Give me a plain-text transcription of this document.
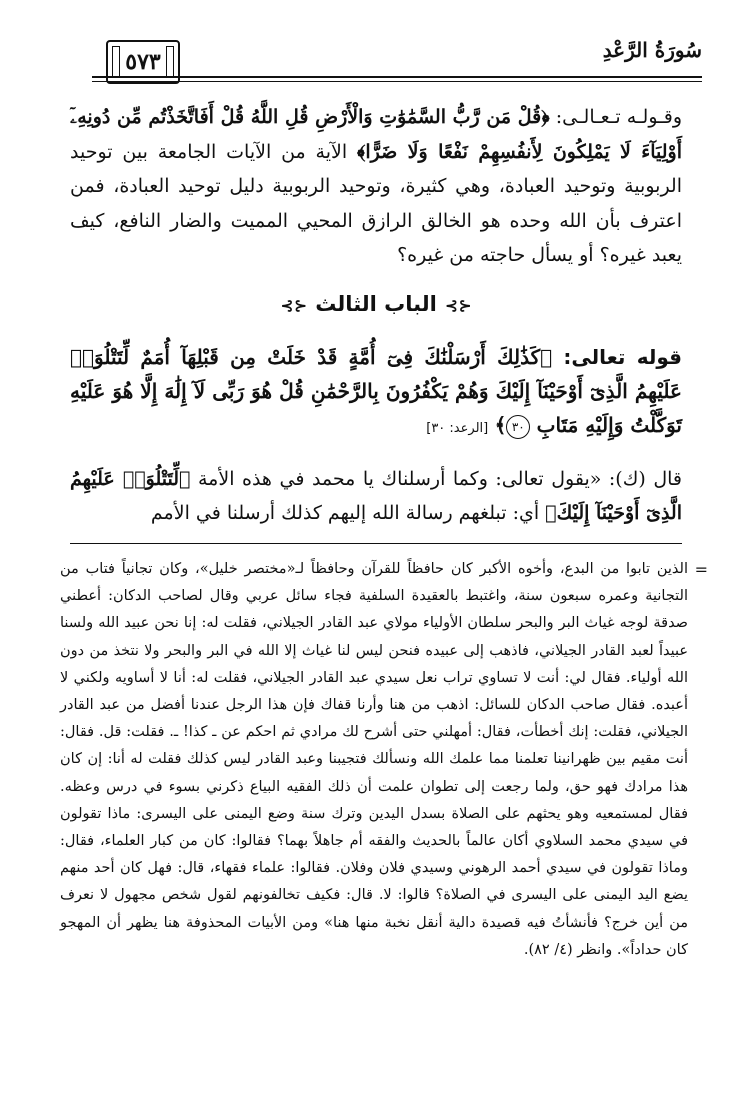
سُورَةُ الرَّعْدِ
٥٧٣
وقـولـه تـعـالـى: ﴿قُلْ مَن رَّبُّ السَّمَٰوَٰتِ وَالْأَرْضِ قُلِ اللَّهُ قُلْ أَفَاتَّخَذْتُم مِّن دُونِهِۦٓ أَوْلِيَآءَ لَا يَمْلِكُونَ لِأَنفُسِهِمْ نَفْعًا وَلَا ضَرًّا﴾ الآية من الآيات الجامعة بين توحيد الربوبية وتوحيد العبادة، وهي كثيرة، وتوحيد الربوبية دليل توحيد العبادة، فمن اعترف بأن الله وحده هو الخالق الرازق المحيي المميت والضار النافع، كيف يعبد غيره؟ أو يسأل حاجته من غيره؟
⊰⊱الباب الثالث⊰⊱
قوله تعالى: ﴿كَذَٰلِكَ أَرْسَلْنَٰكَ فِىٓ أُمَّةٍ قَدْ خَلَتْ مِن قَبْلِهَآ أُمَمٌ لِّتَتْلُوَا۟ عَلَيْهِمُ الَّذِىٓ أَوْحَيْنَآ إِلَيْكَ وَهُمْ يَكْفُرُونَ بِالرَّحْمَٰنِ قُلْ هُوَ رَبِّى لَآ إِلَٰهَ إِلَّا هُوَ عَلَيْهِ تَوَكَّلْتُ وَإِلَيْهِ مَتَابِ ٣٠﴾ [الرعد: ٣٠]
قال (ك): «يقول تعالى: وكما أرسلناك يا محمد في هذه الأمة ﴿لِّتَتْلُوَا۟ عَلَيْهِمُ الَّذِىٓ أَوْحَيْنَآ إِلَيْكَ﴾ أي: تبلغهم رسالة الله إليهم كذلك أرسلنا في الأمم
=
الذين تابوا من البدع، وأخوه الأكبر كان حافظاً للقرآن وحافظاً لـ«مختصر خليل»، وكان تجانياً فتاب من التجانية وعمره سبعون سنة، واغتبط بالعقيدة السلفية فجاء سائل عربي وقال لصاحب الدكان: أعطني صدقة لوجه غياث البر والبحر سلطان الأولياء مولاي عبد القادر الجيلاني، فقلت له: إنا نحن عبيد الله ولسنا عبيداً لعبد القادر الجيلاني، فاذهب إلى عبيده فنحن ليس لنا غياث إلا الله في البر والبحر ولا نتخذ من دون الله أولياء. فقال لي: أنت لا تساوي تراب نعل سيدي عبد القادر الجيلاني، فقلت له: أنا لا أساويه ولكني لا أعبده. فقال صاحب الدكان للسائل: اذهب من هنا وأرنا قفاك فإن هذا الرجل عندنا أفضل من عبد القادر الجيلاني، فقلت: إنك أخطأت، فقال: أمهلني حتى أشرح لك مرادي ثم احكم عن ـ كذا! ـ. فقلت: قل. فقال: أنت مقيم بين ظهرانينا تعلمنا مما علمك الله ونسألك فتجيبنا وعبد القادر ليس كذلك فقلت له أنا: إن كان هذا مرادك فهو حق، ولما رجعت إلى تطوان علمت أن ذلك الفقيه البياع ذكرني بسوء في درس وعظه. فقال لمستمعيه وهو يحثهم على الصلاة بسدل اليدين وترك سنة وضع اليمنى على اليسرى: ماذا تقولون في سيدي محمد السلاوي أكان عالماً بالحديث والفقه أم جاهلاً بهما؟ فقالوا: كان من كبار العلماء، فقال: وماذا تقولون في سيدي أحمد الرهوني وسيدي فلان وفلان. فقالوا: علماء فقهاء، قال: فهل كان أحد منهم يضع اليد اليمنى على اليسرى في الصلاة؟ قالوا: لا. قال: فكيف تخالفونهم لقول شخص مجهول لا نعرف من أين خرج؟ فأنشأتُ فيه قصيدة دالية أنقل نخبة منها هنا» ومن الأبيات المحذوفة هنا يظهر أن المهجو كان حداداً». وانظر (٤/ ٨٢).
